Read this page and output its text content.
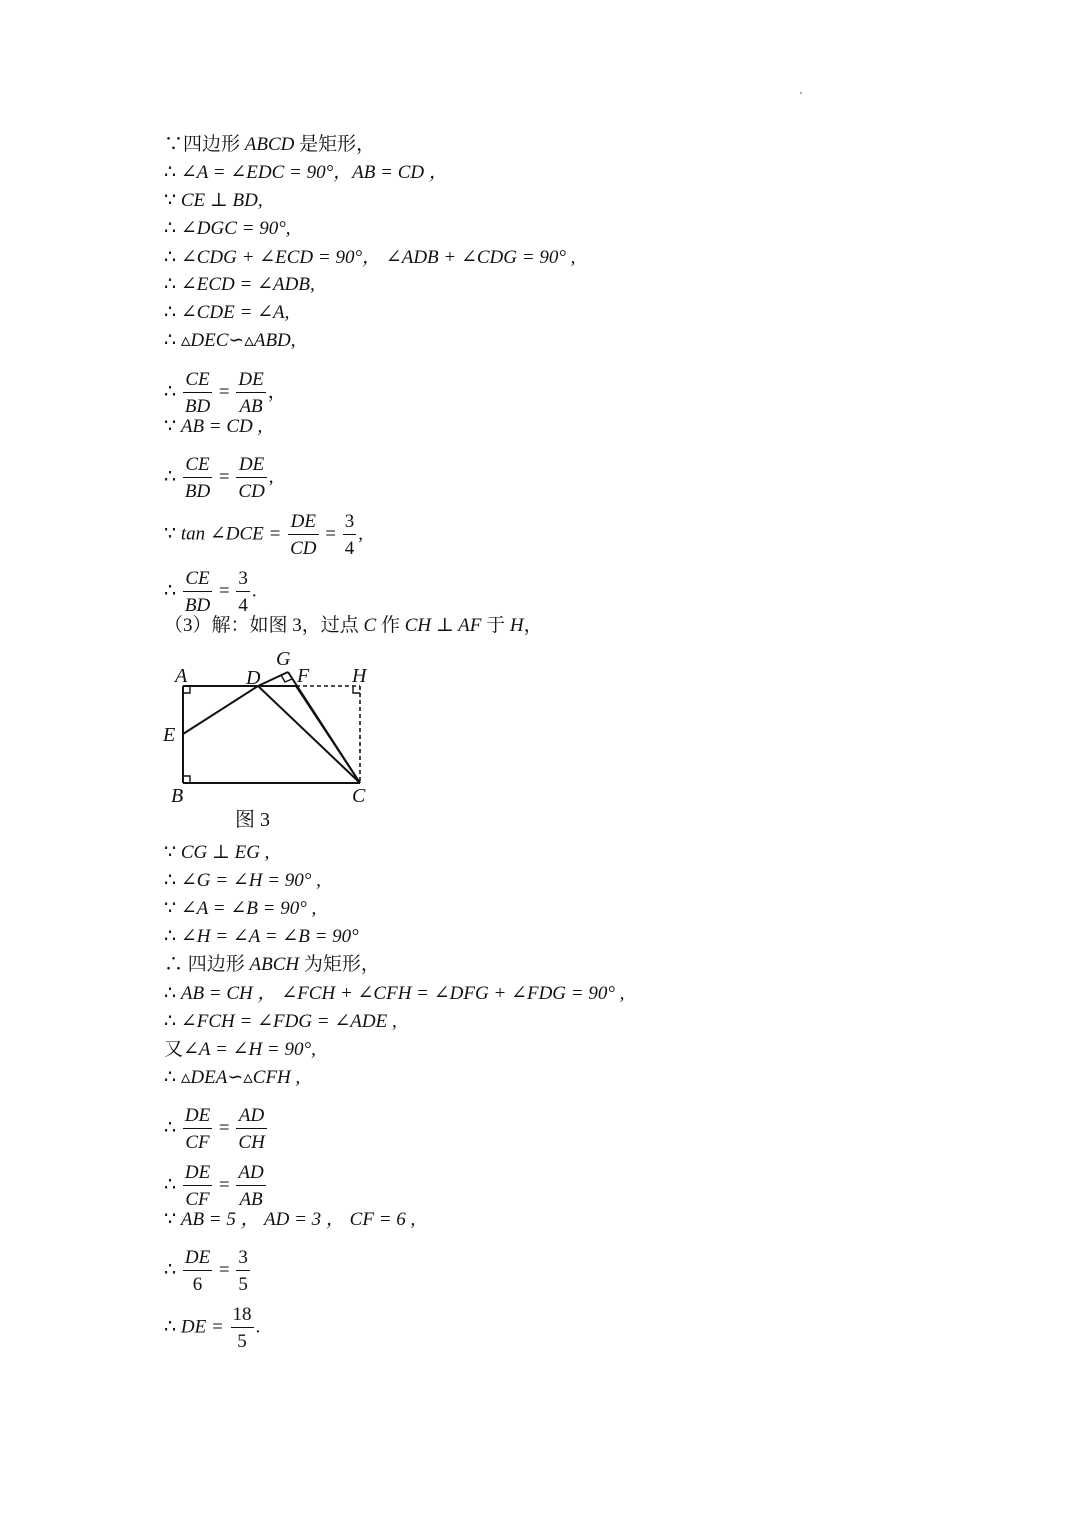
∵四边形 ABCD 是矩形，
∴ ∠A = ∠EDC = 90°，AB = CD ，
∵ CE ⊥ BD,
∴ ∠DGC = 90°,
∴ ∠CDG + ∠ECD = 90°， ∠ADB + ∠CDG = 90° ,
∴ ∠ECD = ∠ADB,
∴ ∠CDE = ∠A,
∴ ▵DEC∽▵ABD,
∴ $\frac{CE}{BD} = \frac{DE}{AB}$ ，
∵ AB = CD ,
∴ $\frac{CE}{BD} = \frac{DE}{CD}$ ,
∵ tan ∠DCE = $\frac{DE}{CD} = \frac{3}{4}$ ,
∴ $\frac{CE}{BD} = \frac{3}{4}$ .
（3）解：如图 3，过点 C 作 CH ⊥ AF 于 H，
A	D
G
F H
E
B	C
图 3
∵ CG ⊥ EG ,
∴ ∠G = ∠H = 90° ,
∵ ∠A = ∠B = 90° ,
∴ ∠H = ∠A = ∠B = 90°
∴ 四边形 ABCH 为矩形，
∴ AB = CH ， ∠FCH + ∠CFH = ∠DFG + ∠FDG = 90° ,
∴ ∠FCH = ∠FDG = ∠ADE ,
又∠A = ∠H = 90°,
∴ ▵DEA∽▵CFH ,
∴ $\frac{DE}{CF} = \frac{AD}{CH}$
∴ $\frac{DE}{CF} = \frac{AD}{AB}$
∵ AB = 5 ， AD = 3 ， CF = 6 ,
∴ $\frac{DE}{6} = \frac{3}{5}$
∴ DE = $\frac{18}{5}$ .
